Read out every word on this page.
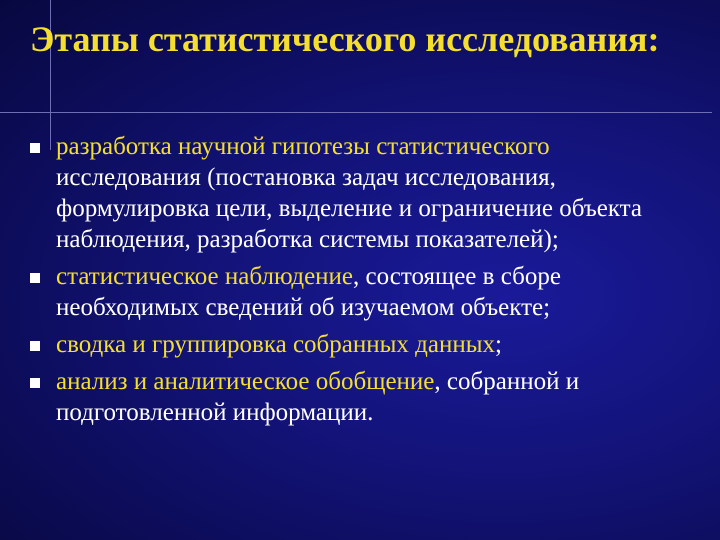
Этапы статистического исследования:
разработка научной гипотезы статистического исследования (постановка задач исследования, формулировка цели, выделение и ограничение объекта наблюдения, разработка системы показателей);
статистическое наблюдение, состоящее в сборе необходимых сведений об изучаемом объекте;
сводка и группировка собранных данных;
анализ и аналитическое обобщение, собранной и подготовленной информации.
